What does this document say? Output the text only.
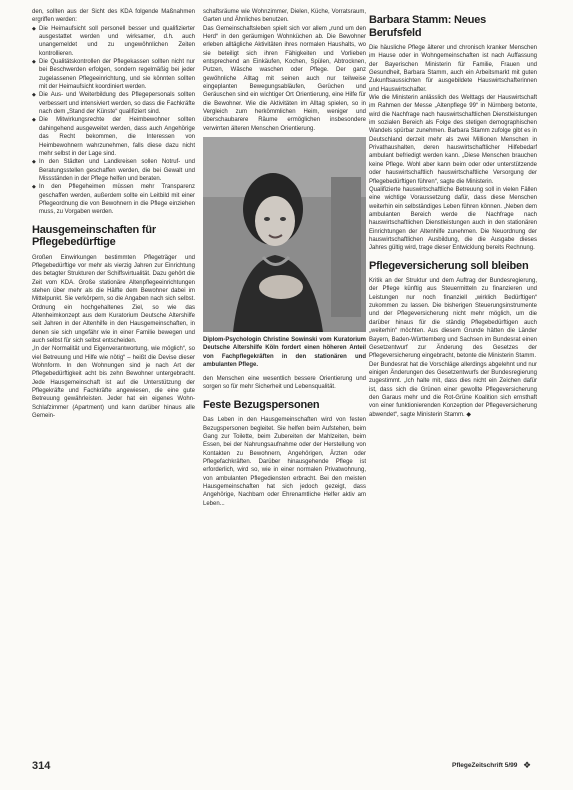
den, sollten aus der Sicht des KDA folgende Maßnahmen ergriffen werden:

◆ Die Heimaufsicht soll personell besser und qualifizierter ausgestattet werden und wirksamer, d.h. auch unangemeldet und zu ungewöhnlichen Zeiten kontrollieren.
◆ Die Qualitätskontrollen der Pflegekassen sollten nicht nur bei Beschwerden erfolgen, sondern regelmäßig bei jeder zugelassenen Pflegeeinrichtung, und sie könnten sollten mit der Heimaufsicht koordiniert werden.
◆ Die Aus- und Weiterbildung des Pflegepersonals sollten verbessert und intensiviert werden, so dass die Fachkräfte nach dem „Stand der Künste“ qualifiziert sind.
◆ Die Mitwirkungsrechte der Heimbewohner sollten dahingehend ausgeweitet werden, dass auch Angehörige das Recht bekommen, die Interessen von Heimbewohnern wahrzunehmen, falls diese dazu nicht mehr selbst in der Lage sind.
◆ In den Städten und Landkreisen sollen Notruf- und Beratungsstellen geschaffen werden, die bei Gewalt und Missständen in der Pflege helfen und beraten.
◆ In den Pflegeheimen müssen mehr Transparenz geschaffen werden, außerdem sollte ein Leitbild mit einer Pflegeordnung die von Bewohnern in die Pflege einziehen muss, zu Vorgaben werden.
Hausgemeinschaften für Pflegebedürftige

Großen Einwirkungen bestimmten Pflegeträger und Pflegebedürftige vor mehr als vierzig Jahren zur Einrichtung des betagter Strukturen der Schiffsvirtualität. Dazu gehört die Zeit vom KDA. Große stationäre Altenpflegeeinrichtungen stehen über mehr als die Hälfte dem Bewohner dabei im Mittelpunkt. Sie verkörpern, so die Angaben nach sich selbst. Ordnung ein hochgehaltenes Ziel, so wie das Altenheimkonzept aus dem Kuratorium Deutsche Altershilfe seit Jahren in der Altenhilfe in den Hausgemeinschaften, in denen sie sich ungefähr wie in einer Familie bewegen und auch selbst für sich selbst entscheiden.

„In der Normalität und Eigenverantwortung, wie möglich“, so viel Betreuung und Hilfe wie nötig“ – heißt die Devise dieser Wohnform. In den Wohnungen sind je nach Art der Pflegebedürftigkeit acht bis zehn Bewohner untergebracht. Jede Hausgemeinschaft ist auf die Unterstützung der Pflegekräfte und Fachkräfte angewiesen, die eine gute Betreuung gewährleisten. Jeder hat ein eigenes Wohn-Schlafzimmer (Apartment) und kann darüber hinaus alle Gemein-

schaftsräume wie Wohnzimmer, Dielen, Küche, Vorratsraum, Garten und Ähnliches benutzen.

Das Gemeinschaftsleben spielt sich vor allem „rund um den Herd“ in den geräumigen Wohnküchen ab. Die Bewohner erleben alltägliche Aktivitäten ihres normalen Haushalts, wo sie beteiligt sich ihren Fähigkeiten und Vorlieben entsprechend an Einkäufen, Kochen, Spülen, Abtrocknen, Putzen, Wäsche waschen oder Pflege. Der ganz gewöhnliche Alltag mit seinen auch nur teilweise eingeplanten Bewegungsabläufen, Gerüchen und Geräuschen sind ein wichtiger Ort Orientierung, eine Hilfe für die Bewohner. Wie die Aktivitäten im Alltag spielen, so in Vergleich zum herkömmlichen Heim, weniger und überschaubarere Räume ermöglichen insbesondere verwirrten älteren Menschen Orientierung.

Diplom-Psychologin Christine Sowinski vom Kuratorium Deutsche Altershilfe Köln fordert einen höheren Anteil von Fachpflegekräften in den stationären und ambulanten Pflege.

den Menschen eine wesentlich bessere Orientierung und sorgen so für mehr Sicherheit und Lebensqualität.

Feste Bezugspersonen

Das Leben in den Hausgemeinschaften wird von festen Bezugspersonen begleitet. Sie helfen beim Aufstehen, beim Gang zur Toilette, beim Zubereiten der Mahlzeiten, beim Essen, bei der Nahrungsaufnahme oder der Herstellung von Kontakten zu Bewohnern, Angehörigen, Ärzten oder Pflegefachkräften. Darüber hinausgehende Pflege ist erforderlich, wird so, wie in einer normalen Privatwohnung, von ambulanten Pflegediensten erbracht. Bei den meisten Hausgemeinschaften hat sich jedoch gezeigt, dass Angehörige, Nachbarn oder Ehrenamtliche Helfer aktiv am Leben...

Barbara Stamm: Neues Berufsfeld

Die häusliche Pflege älterer und chronisch kranker Menschen im Hause oder in Wohngemeinschaften ist nach Auffassung der Bayerischen Ministerin für Familie, Frauen und Gesundheit, Barbara Stamm, auch ein Arbeitsmarkt mit guten Zukunftsaussichten für ausgebildete Hauswirtschafterinnen und Hauswirtschafter.

Wie die Ministerin anlässlich des Welttags der Hauswirtschaft im Rahmen der Messe „Altenpflege 99“ in Nürnberg betonte, wird die Nachfrage nach hauswirtschaftlichen Dienstleistungen im sozialen Bereich als Folge des stetigen demographischen Wandels spürbar zunehmen. Barbara Stamm zufolge gibt es in Deutschland derzeit mehr als zwei Millionen Menschen in Privathaushalten, deren hauswirtschaftlicher Hilfebedarf ambulant befriedigt werden kann. „Diese Menschen brauchen keine Pflege. Wohl aber kann beim oder oder unterstützende oder hauswirtschaftlich hauswirtschaftliche Versorgung der Pflegebedürftigen führen“, sagte die Ministerin.

Qualifizierte hauswirtschaftliche Betreuung soll in vielen Fällen eine wichtige Voraussetzung dafür, dass diese Menschen weiterhin ein selbständiges Leben führen können. „Neben dem ambulanten Bereich werde die Nachfrage nach hauswirtschaftlichen Dienstleistungen auch in den stationären Einrichtungen der Altenhilfe zunehmen. Die Neuordnung der hauswirtschaftlichen Ausbildung, die die Ausgabe dieses Jahres gültig wird, trage dieser Entwicklung bereits Rechnung.

Pflegeversicherung soll bleiben

Kritik an der Struktur und dem Auftrag der Bundesregierung, der Pflege künftig aus Steuermitteln zu finanzieren und Leistungen nur noch finanziell „wirklich Bedürftigen“ zukommen zu lassen. Die bisherigen Steuerungsinstrumente und der Pflegeversicherung nicht mehr möglich, um die darüber hinaus für die ständig Pflegebedürftigen auch „weiterhin“ möchten. Aus diesem Grunde hätten die Länder Bayern, Baden-Württemberg und Sachsen im Bundesrat einen Gesetzentwurf zur Änderung des Gesetzes der Pflegeversicherung eingebracht, betonte die Ministerin Stamm.

Der Bundesrat hat die Vorschläge allerdings abgelehnt und nur einigen Änderungen des Gesetzentwurfs der Bundesregierung zugestimmt. „Ich halte mit, dass dies nicht ein Zeichen dafür ist, dass sich die Grünen einer gewollte Pflegeversicherung den Garaus mehr und die Rot-Grüne Koalition sich ernsthaft von einer funktionierenden Konzeption der Pflegeversicherung abwendet“, sagte Ministerin Stamm. ◆

314	PflegeZeitschrift 5/99 ❖
